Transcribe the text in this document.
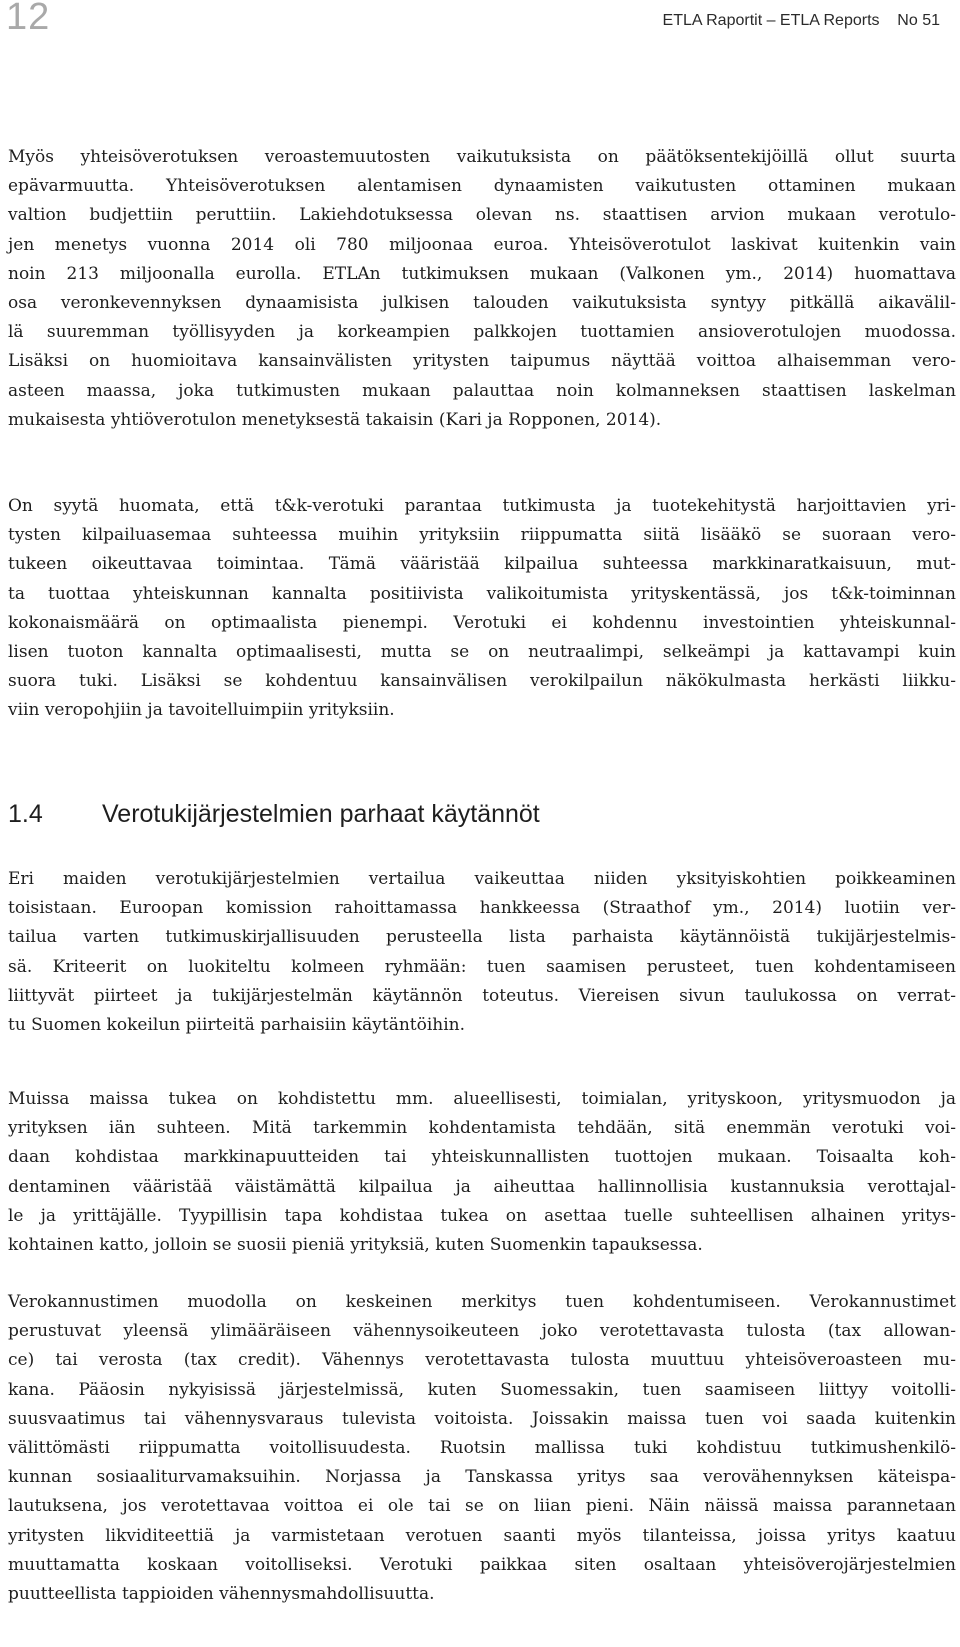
12	ETLA Raportit – ETLA Reports    No 51
Myös yhteisöverotuksen veroastemuutosten vaikutuksista on päätöksentekijöillä ollut suurta
epävarmuutta. Yhteisöverotuksen alentamisen dynaamisten vaikutusten ottaminen mukaan
valtion budjettiin peruttiin. Lakiehdotuksessa olevan ns. staattisen arvion mukaan verotulo-
jen menetys vuonna 2014 oli 780 miljoonaa euroa. Yhteisöverotulot laskivat kuitenkin vain
noin 213 miljoonalla eurolla. ETLAn tutkimuksen mukaan (Valkonen ym., 2014) huomattava
osa veronkevennyksen dynaamisista julkisen talouden vaikutuksista syntyy pitkällä aikavälil-
lä suuremman työllisyyden ja korkeampien palkkojen tuottamien ansioverotulojen muodossa.
Lisäksi on huomioitava kansainvälisten yritysten taipumus näyttää voittoa alhaisemman vero-
asteen maassa, joka tutkimusten mukaan palauttaa noin kolmanneksen staattisen laskelman
mukaisesta yhtiöverotulon menetyksestä takaisin (Kari ja Ropponen, 2014).
On syytä huomata, että t&k-verotuki parantaa tutkimusta ja tuotekehitystä harjoittavien yri-
tysten kilpailuasemaa suhteessa muihin yrityksiin riippumatta siitä lisääkö se suoraan vero-
tukeen oikeuttavaa toimintaa. Tämä vääristää kilpailua suhteessa markkinaratkaisuun, mut-
ta tuottaa yhteiskunnan kannalta positiivista valikoitumista yrityskentässä, jos t&k-toiminnan
kokonaismäärä on optimaalista pienempi. Verotuki ei kohdennu investointien yhteiskunnal-
lisen tuoton kannalta optimaalisesti, mutta se on neutraalimpi, selkeämpi ja kattavampi kuin
suora tuki. Lisäksi se kohdentuu kansainvälisen verokilpailun näkökulmasta herkästi liikku-
viin veropohjiin ja tavoitelluimpiin yrityksiin.
1.4	Verotukijärjestelmien parhaat käytännöt
Eri maiden verotukijärjestelmien vertailua vaikeuttaa niiden yksityiskohtien poikkeaminen
toisistaan. Euroopan komission rahoittamassa hankkeessa (Straathof ym., 2014) luotiin ver-
tailua varten tutkimuskirjallisuuden perusteella lista parhaista käytännöistä tukijärjestelmis-
sä. Kriteerit on luokiteltu kolmeen ryhmään: tuen saamisen perusteet, tuen kohdentamiseen
liittyvät piirteet ja tukijärjestelmän käytännön toteutus. Viereisen sivun taulukossa on verrat-
tu Suomen kokeilun piirteitä parhaisiin käytäntöihin.
Muissa maissa tukea on kohdistettu mm. alueellisesti, toimialan, yrityskoon, yritysmuodon ja
yrityksen iän suhteen. Mitä tarkemmin kohdentamista tehdään, sitä enemmän verotuki voi-
daan kohdistaa markkinapuutteiden tai yhteiskunnallisten tuottojen mukaan. Toisaalta koh-
dentaminen vääristää väistämättä kilpailua ja aiheuttaa hallinnollisia kustannuksia verottajal-
le ja yrittäjälle. Tyypillisin tapa kohdistaa tukea on asettaa tuelle suhteellisen alhainen yritys-
kohtainen katto, jolloin se suosii pieniä yrityksiä, kuten Suomenkin tapauksessa.
Verokannustimen muodolla on keskeinen merkitys tuen kohdentumiseen. Verokannustimet
perustuvat yleensä ylimääräiseen vähennysoikeuteen joko verotettavasta tulosta (tax allowan-
ce) tai verosta (tax credit). Vähennys verotettavasta tulosta muuttuu yhteisöveroasteen mu-
kana. Pääosin nykyisissä järjestelmissä, kuten Suomessakin, tuen saamiseen liittyy voitolli-
suusvaatimus tai vähennysvaraus tulevista voitoista. Joissakin maissa tuen voi saada kuitenkin
välittömästi riippumatta voitollisuudesta. Ruotsin mallissa tuki kohdistuu tutkimushenkilö-
kunnan sosiaaliturvamaksuihin. Norjassa ja Tanskassa yritys saa verovähennyksen käteispa-
lautuksena, jos verotettavaa voittoa ei ole tai se on liian pieni. Näin näissä maissa parannetaan
yritysten likviditeettiä ja varmistetaan verotuen saanti myös tilanteissa, joissa yritys kaatuu
muuttamatta koskaan voitolliseksi. Verotuki paikkaa siten osaltaan yhteisöverojärjestelmien
puutteellista tappioiden vähennysmahdollisuutta.
